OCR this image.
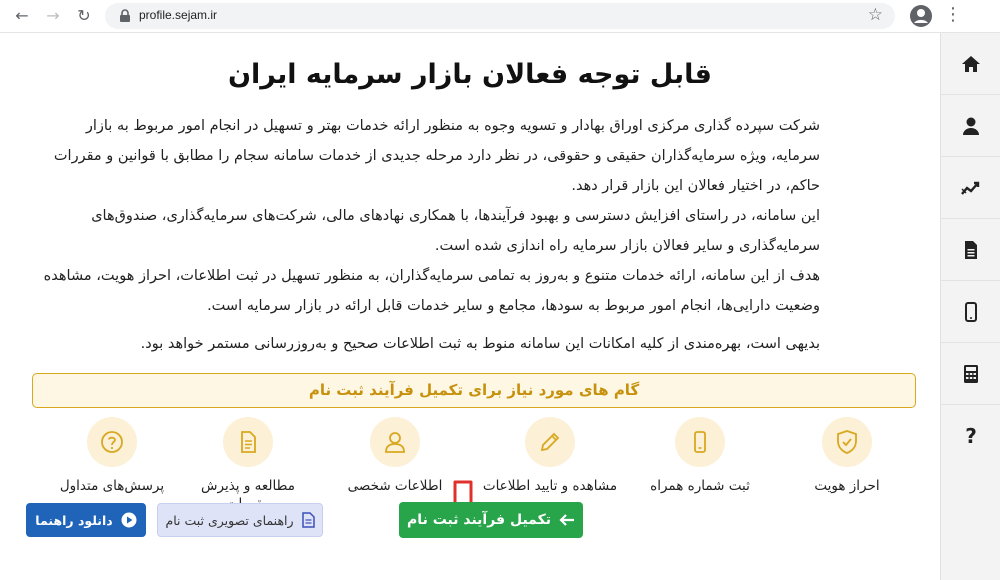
← → ↻	profile.sejam.ir	☆	⋮
?
قابل توجه فعالان بازار سرمایه ایران

شرکت سپرده گذاری مرکزی اوراق بهادار و تسویه وجوه به منظور ارائه خدمات بهتر و تسهیل در انجام امور مربوط به بازار سرمایه، ویژه سرمایه‌گذاران حقیقی و حقوقی، در نظر دارد مرحله جدیدی از خدمات سامانه سجام را مطابق با قوانین و مقررات حاکم، در اختیار فعالان این بازار قرار دهد.

این سامانه، در راستای افزایش دسترسی و بهبود فرآیندها، با همکاری نهادهای مالی، شرکت‌های سرمایه‌گذاری، صندوق‌های سرمایه‌گذاری و سایر فعالان بازار سرمایه راه اندازی شده است.

هدف از این سامانه، ارائه خدمات متنوع و به‌روز به تمامی سرمایه‌گذاران، به منظور تسهیل در ثبت اطلاعات، احراز هویت، مشاهده وضعیت دارایی‌ها، انجام امور مربوط به سودها، مجامع و سایر خدمات قابل ارائه در بازار سرمایه است.

بدیهی است، بهره‌مندی از کلیه امکانات این سامانه منوط به ثبت اطلاعات صحیح و به‌روزرسانی مستمر خواهد بود.

گام های مورد نیاز برای تکمیل فرآیند ثبت نام
احراز هویت
ثبت شماره همراه
مشاهده و تایید اطلاعات
اطلاعات شخصی
مطالعه و پذیرش
پرسش‌های متداول
تکمیل فرآیند ثبت نام
راهنمای تصویری ثبت نام
دانلود راهنما
